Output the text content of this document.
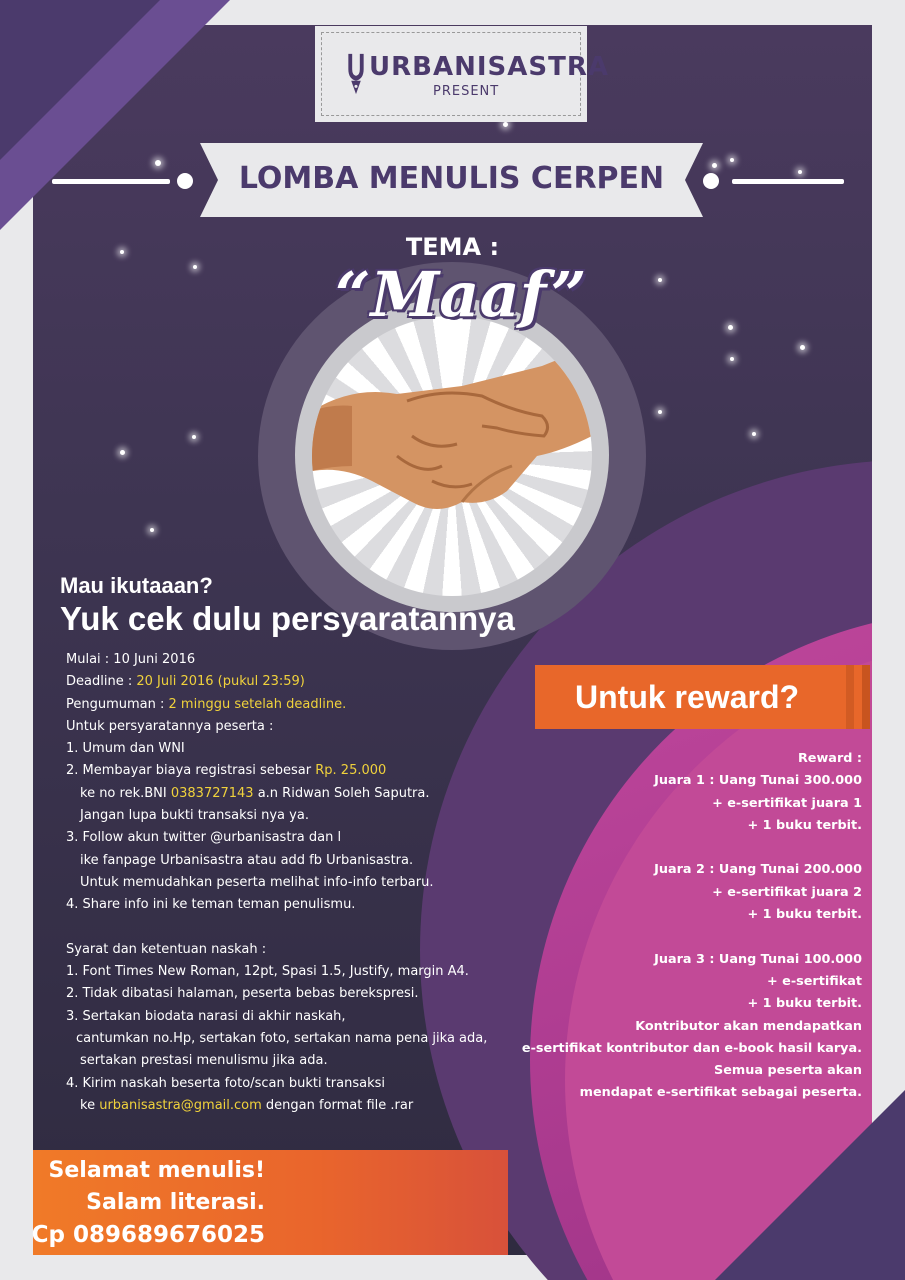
URBANISASTRA
PRESENT
LOMBA MENULIS CERPEN
TEMA :
“Maaf”
Mau ikutaaan?
Yuk cek dulu persyaratannya
Mulai : 10 Juni 2016
Deadline : 20 Juli 2016 (pukul 23:59)
Pengumuman : 2 minggu setelah deadline.
Untuk persyaratannya peserta :
1. Umum dan WNI
2. Membayar biaya registrasi sebesar Rp. 25.000
ke no rek.BNI 0383727143 a.n Ridwan Soleh Saputra.
Jangan lupa bukti transaksi nya ya.
3. Follow akun twitter @urbanisastra dan l
ike fanpage Urbanisastra atau add fb Urbanisastra.
Untuk memudahkan peserta melihat info-info terbaru.
4. Share info ini ke teman teman penulismu.
Syarat dan ketentuan naskah :
1. Font Times New Roman, 12pt, Spasi 1.5, Justify, margin A4.
2. Tidak dibatasi halaman, peserta bebas berekspresi.
3. Sertakan biodata narasi di akhir naskah,
cantumkan no.Hp, sertakan foto, sertakan nama pena jika ada,
sertakan prestasi menulismu jika ada.
4. Kirim naskah beserta foto/scan bukti transaksi
ke urbanisastra@gmail.com dengan format file .rar
Untuk reward?
Reward :
Juara 1 : Uang Tunai 300.000
+ e-sertifikat juara 1
+ 1 buku terbit.
Juara 2 : Uang Tunai 200.000
+ e-sertifikat juara 2
+ 1 buku terbit.
Juara 3 : Uang Tunai 100.000
+ e-sertifikat
+ 1 buku terbit.
Kontributor akan mendapatkan
e-sertifikat kontributor dan e-book hasil karya.
Semua peserta akan
mendapat e-sertifikat sebagai peserta.
Selamat menulis!
Salam literasi.
Cp 089689676025
